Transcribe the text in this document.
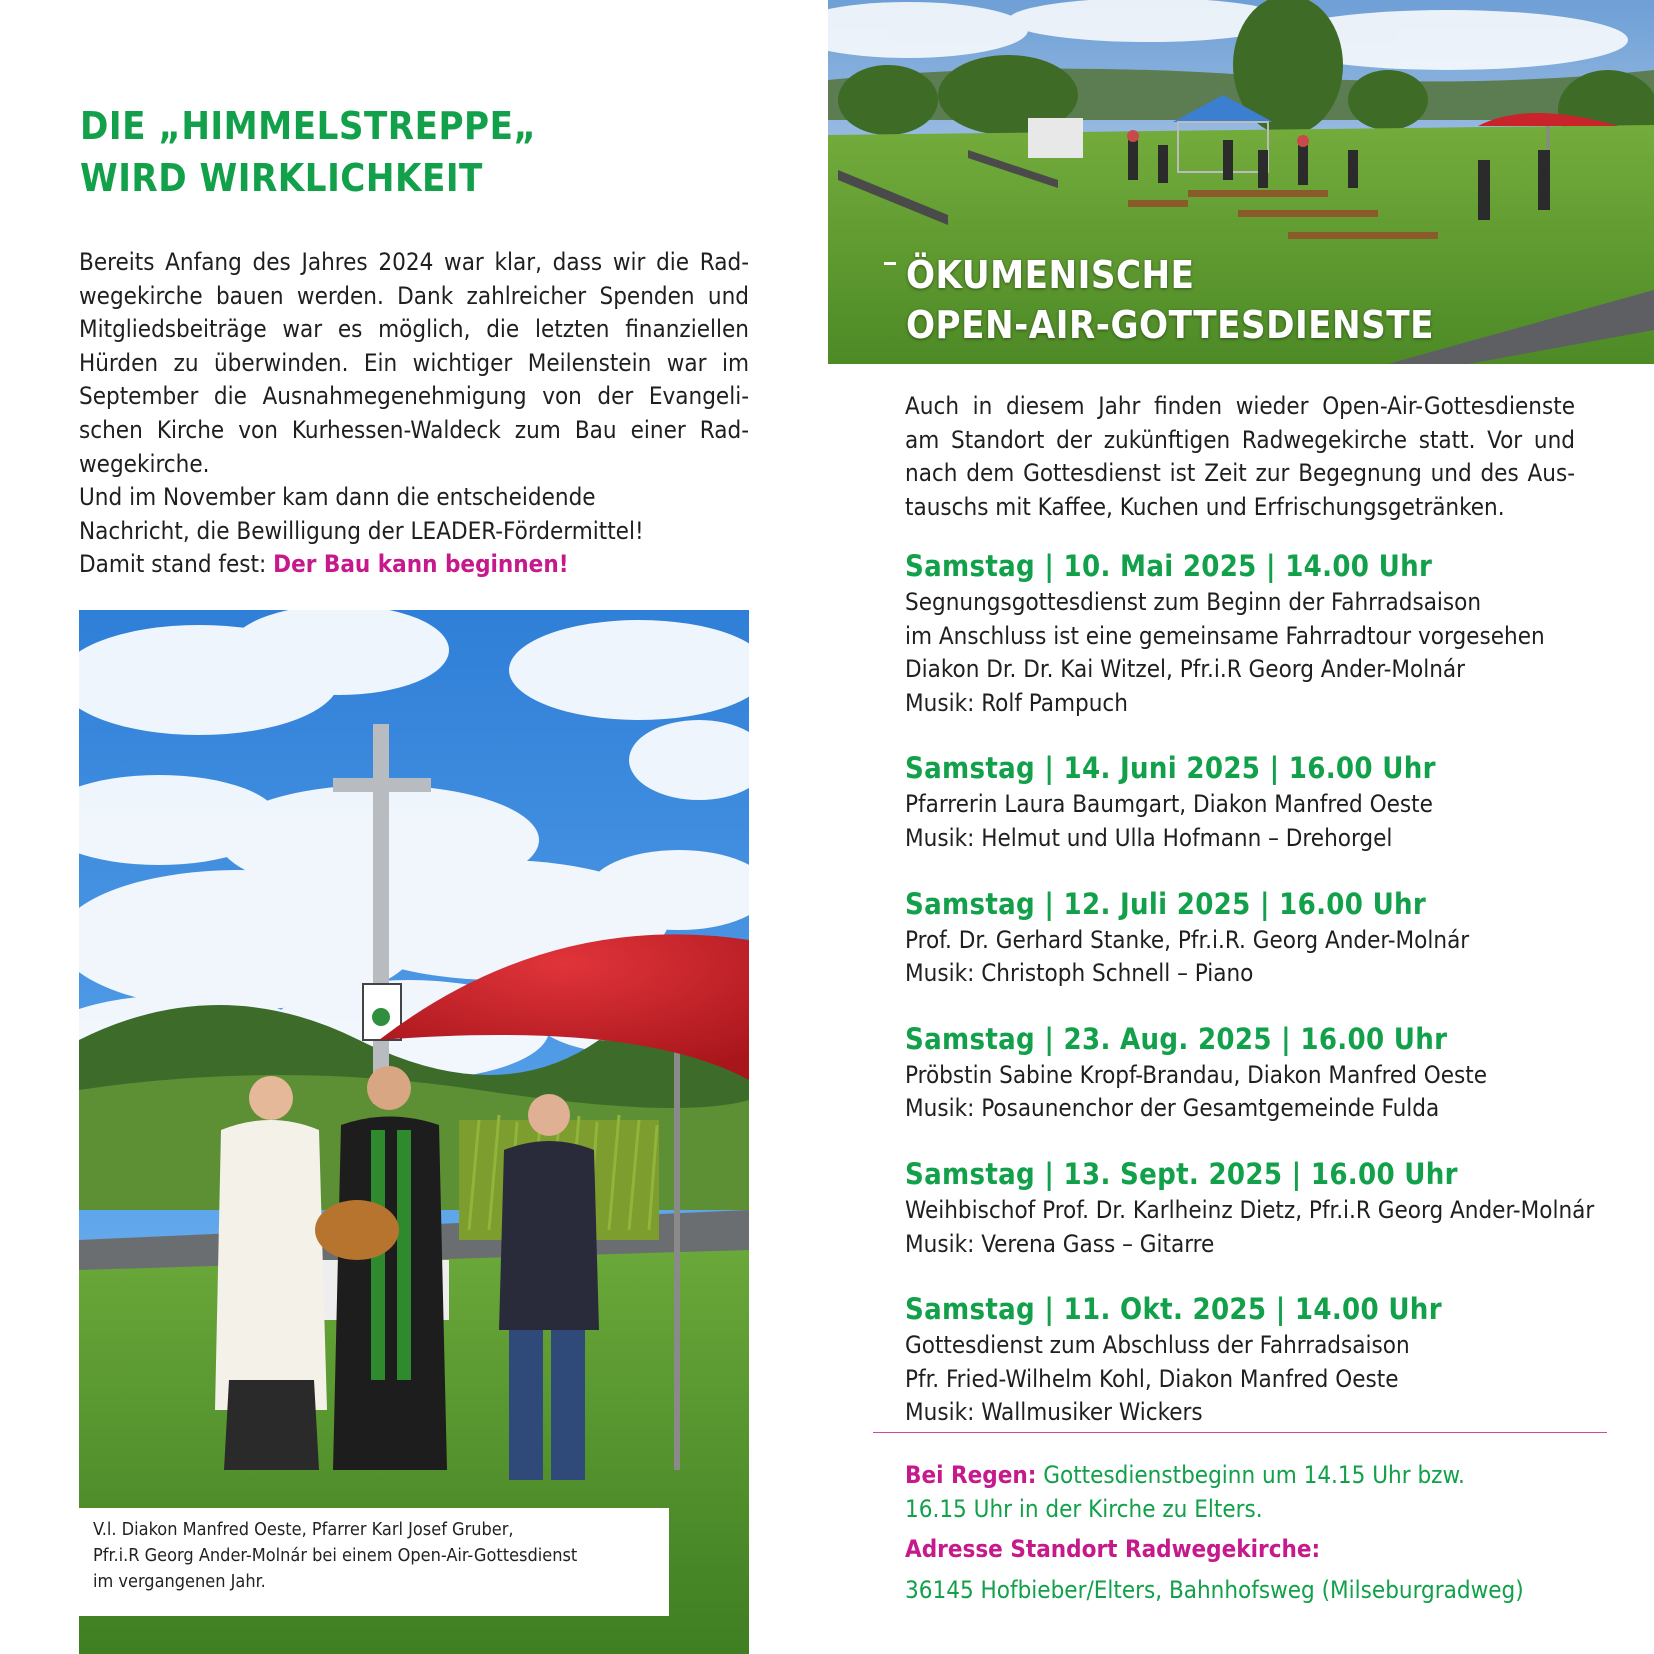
DIE „HIMMELSTREPPE„
WIRD WIRKLICHKEIT

Bereits Anfang des Jahres 2024 war klar, dass wir die Rad-wegekirche bauen werden. Dank zahlreicher Spenden und Mitgliedsbeiträge war es möglich, die letzten finanziellen Hürden zu überwinden. Ein wichtiger Meilenstein war im September die Ausnahmegenehmigung von der Evangeli-schen Kirche von Kurhessen-Waldeck zum Bau einer Rad-wegekirche.

Und im November kam dann die entscheidende

Nachricht, die Bewilligung der LEADER-Fördermittel!

Damit stand fest: Der Bau kann beginnen!

V.l. Diakon Manfred Oeste, Pfarrer Karl Josef Gruber,
Pfr.i.R Georg Ander-Molnár bei einem Open-Air-Gottesdienst
im vergangenen Jahr.
ÖKUMENISCHE
OPEN-AIR-GOTTESDIENSTE
Auch in diesem Jahr finden wieder Open-Air-Gottesdienste am Standort der zukünftigen Radwegekirche statt. Vor und nach dem Gottesdienst ist Zeit zur Begegnung und des Aus-tauschs mit Kaffee, Kuchen und Erfrischungsgetränken.
Samstag | 10. Mai 2025 | 14.00 Uhr
Segnungsgottesdienst zum Beginn der Fahrradsaison
im Anschluss ist eine gemeinsame Fahrradtour vorgesehen
Diakon Dr. Dr. Kai Witzel, Pfr.i.R Georg Ander-Molnár
Musik: Rolf Pampuch
Samstag | 14. Juni 2025 | 16.00 Uhr
Pfarrerin Laura Baumgart, Diakon Manfred Oeste
Musik: Helmut und Ulla Hofmann – Drehorgel
Samstag | 12. Juli 2025 | 16.00 Uhr
Prof. Dr. Gerhard Stanke, Pfr.i.R. Georg Ander-Molnár
Musik: Christoph Schnell – Piano
Samstag | 23. Aug. 2025 | 16.00 Uhr
Pröbstin Sabine Kropf-Brandau, Diakon Manfred Oeste
Musik: Posaunenchor der Gesamtgemeinde Fulda
Samstag | 13. Sept. 2025 | 16.00 Uhr
Weihbischof Prof. Dr. Karlheinz Dietz, Pfr.i.R Georg Ander-Molnár
Musik: Verena Gass – Gitarre
Samstag | 11. Okt. 2025 | 14.00 Uhr
Gottesdienst zum Abschluss der Fahrradsaison
Pfr. Fried-Wilhelm Kohl, Diakon Manfred Oeste
Musik: Wallmusiker Wickers
Bei Regen: Gottesdienstbeginn um 14.15 Uhr bzw.
16.15 Uhr in der Kirche zu Elters.
Adresse Standort Radwegekirche:
36145 Hofbieber/Elters, Bahnhofsweg (Milseburgradweg)
